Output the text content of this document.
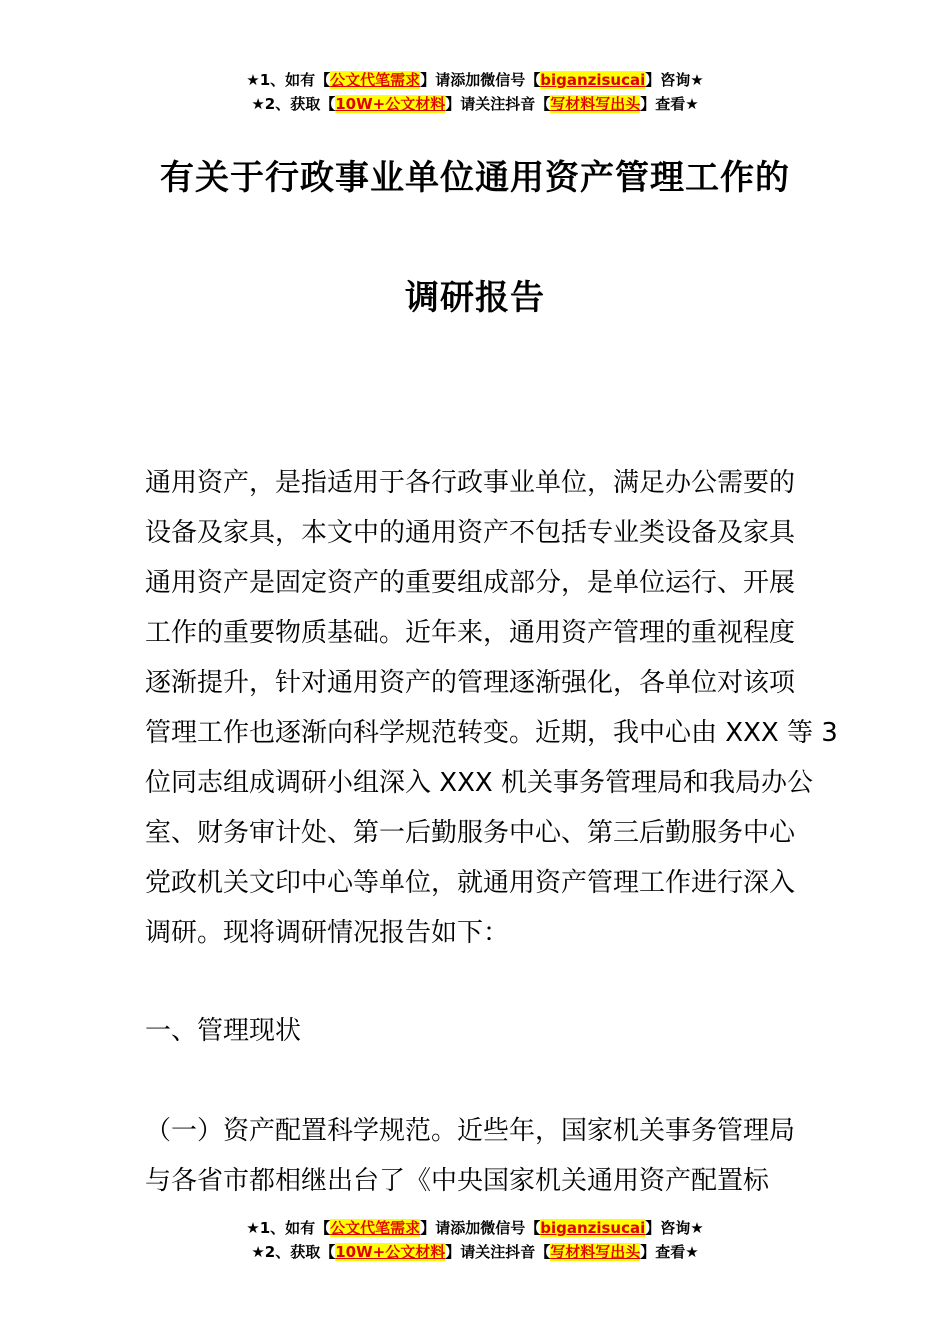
★1、如有【公文代笔需求】请添加微信号【biganzisucai】咨询★
★2、获取【10W+公文材料】请关注抖音【写材料写出头】查看★
有关于行政事业单位通用资产管理工作的
调研报告
通用资产，是指适用于各行政事业单位，满足办公需要的
设备及家具，本文中的通用资产不包括专业类设备及家具
通用资产是固定资产的重要组成部分，是单位运行、开展
工作的重要物质基础。近年来，通用资产管理的重视程度
逐渐提升，针对通用资产的管理逐渐强化，各单位对该项
管理工作也逐渐向科学规范转变。近期，我中心由 XXX 等 3
位同志组成调研小组深入 XXX 机关事务管理局和我局办公
室、财务审计处、第一后勤服务中心、第三后勤服务中心
党政机关文印中心等单位，就通用资产管理工作进行深入
调研。现将调研情况报告如下：
一、管理现状
（一）资产配置科学规范。近些年，国家机关事务管理局
与各省市都相继出台了《中央国家机关通用资产配置标
★1、如有【公文代笔需求】请添加微信号【biganzisucai】咨询★
★2、获取【10W+公文材料】请关注抖音【写材料写出头】查看★
